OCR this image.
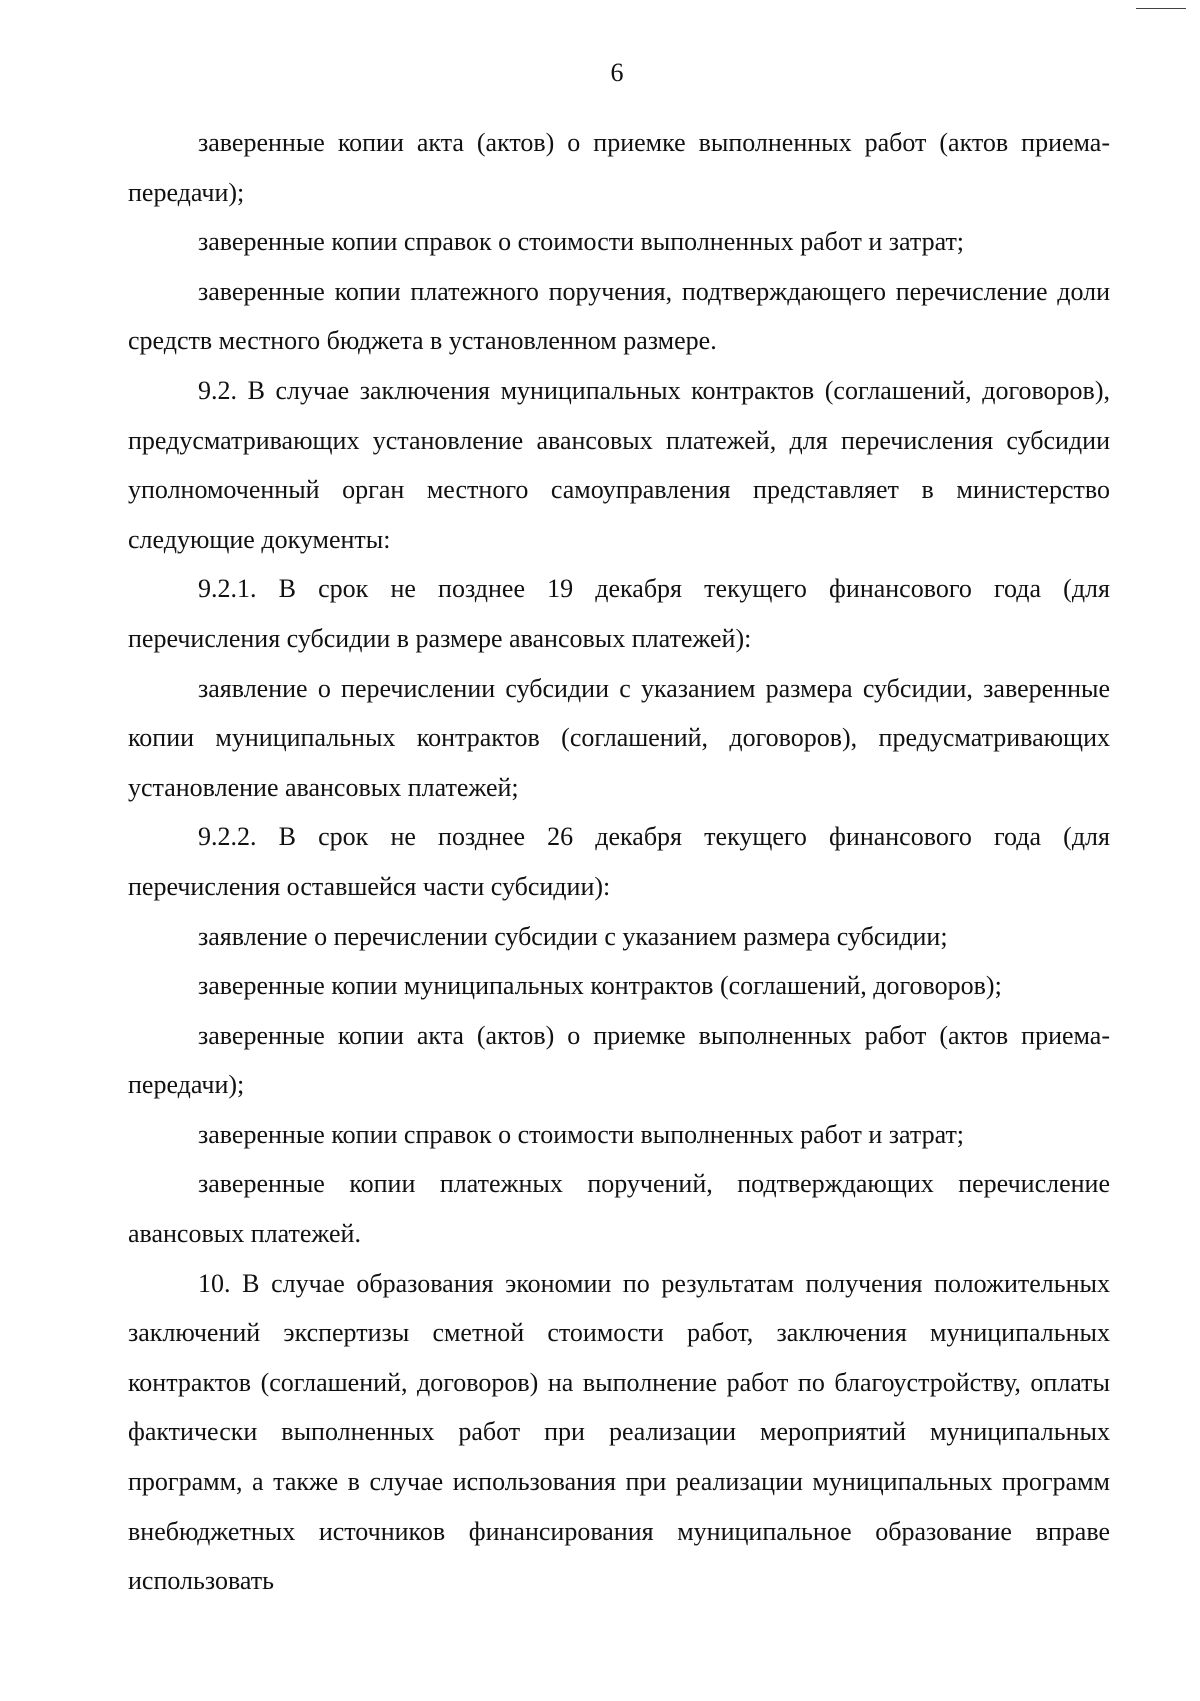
6

заверенные копии акта (актов) о приемке выполненных работ (актов приема-передачи);

заверенные копии справок о стоимости выполненных работ и затрат;

заверенные копии платежного поручения, подтверждающего перечисление доли средств местного бюджета в установленном размере.

9.2. В случае заключения муниципальных контрактов (соглашений, договоров), предусматривающих установление авансовых платежей, для перечисления субсидии уполномоченный орган местного самоуправления представляет в министерство следующие документы:

9.2.1. В срок не позднее 19 декабря текущего финансового года (для перечисления субсидии в размере авансовых платежей):

заявление о перечислении субсидии с указанием размера субсидии, заверенные копии муниципальных контрактов (соглашений, договоров), предусматривающих установление авансовых платежей;

9.2.2. В срок не позднее 26 декабря текущего финансового года (для перечисления оставшейся части субсидии):

заявление о перечислении субсидии с указанием размера субсидии;

заверенные копии муниципальных контрактов (соглашений, договоров);

заверенные копии акта (актов) о приемке выполненных работ (актов приема-передачи);

заверенные копии справок о стоимости выполненных работ и затрат;

заверенные копии платежных поручений, подтверждающих перечисление авансовых платежей.

10. В случае образования экономии по результатам получения положительных заключений экспертизы сметной стоимости работ, заключения муниципальных контрактов (соглашений, договоров) на выполнение работ по благоустройству, оплаты фактически выполненных работ при реализации мероприятий муниципальных программ, а также в случае использования при реализации муниципальных программ внебюджетных источников финансирования муниципальное образование вправе использовать
